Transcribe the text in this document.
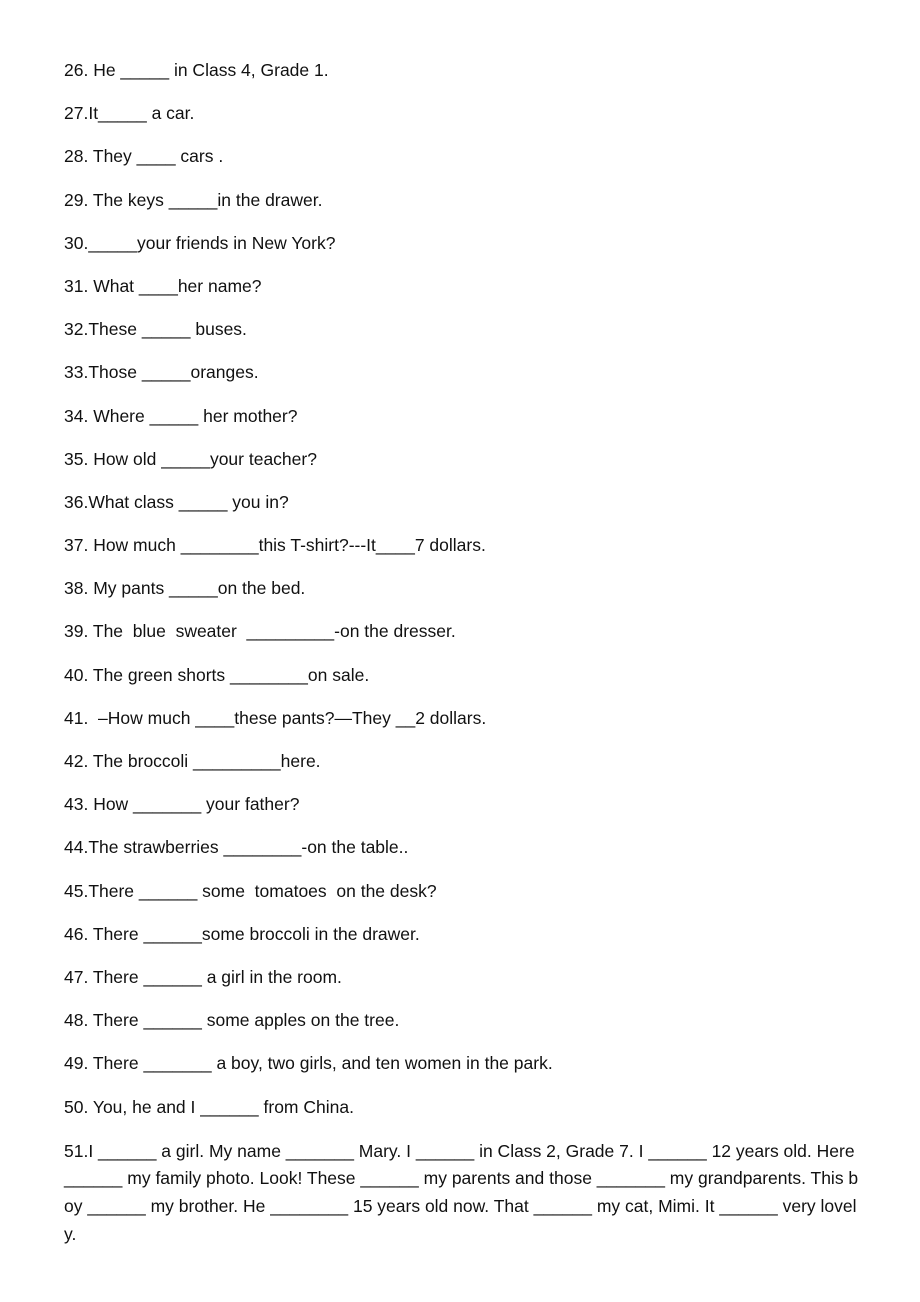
26. He _____ in Class 4, Grade 1.
27.It_____ a car.
28. They ____ cars .
29. The keys _____in the drawer.
30._____your friends in New York?
31. What ____her name?
32.These _____ buses.
33.Those _____oranges.
34. Where _____ her mother?
35. How old _____your teacher?
36.What class _____ you in?
37. How much ________this T-shirt?---It____7 dollars.
38. My pants _____on the bed.
39. The  blue  sweater  _________-on the dresser.
40. The green shorts ________on sale.
41.  –How much ____these pants?—They __2 dollars.
42. The broccoli _________here.
43. How _______ your father?
44.The strawberries ________-on the table..
45.There ______ some  tomatoes  on the desk?
46. There ______some broccoli in the drawer.
47. There ______ a girl in the room.
48. There ______ some apples on the tree.
49. There _______ a boy, two girls, and ten women in the park.
50. You, he and I ______ from China.
51.I ______ a girl. My name _______ Mary. I ______ in Class 2, Grade 7. I ______ 12 years old. Here ______ my family photo. Look! These ______ my parents and those _______ my grandparents. This boy ______ my brother. He ________ 15 years old now. That ______ my cat, Mimi. It ______ very lovely.
